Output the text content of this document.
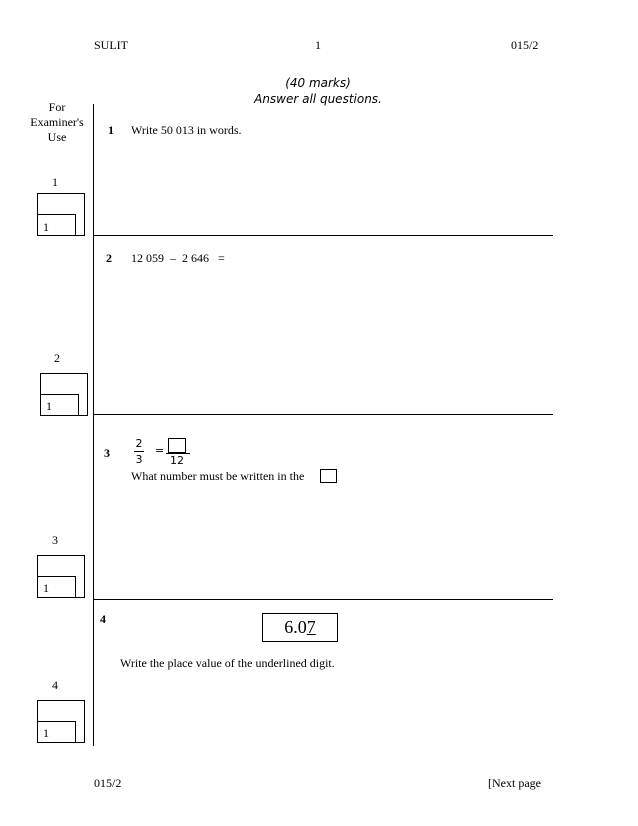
SULIT	1	015/2
(40 marks)
Answer all questions.
For
Examiner's
Use	1 Write 50 013 in words.
1
1
2 12 059  –  2 646   =
2
1
3
2
3
=
12
What number must be written in the
3
1
4	6.07
Write the place value of the underlined digit.
4
1
015/2	[Next page
